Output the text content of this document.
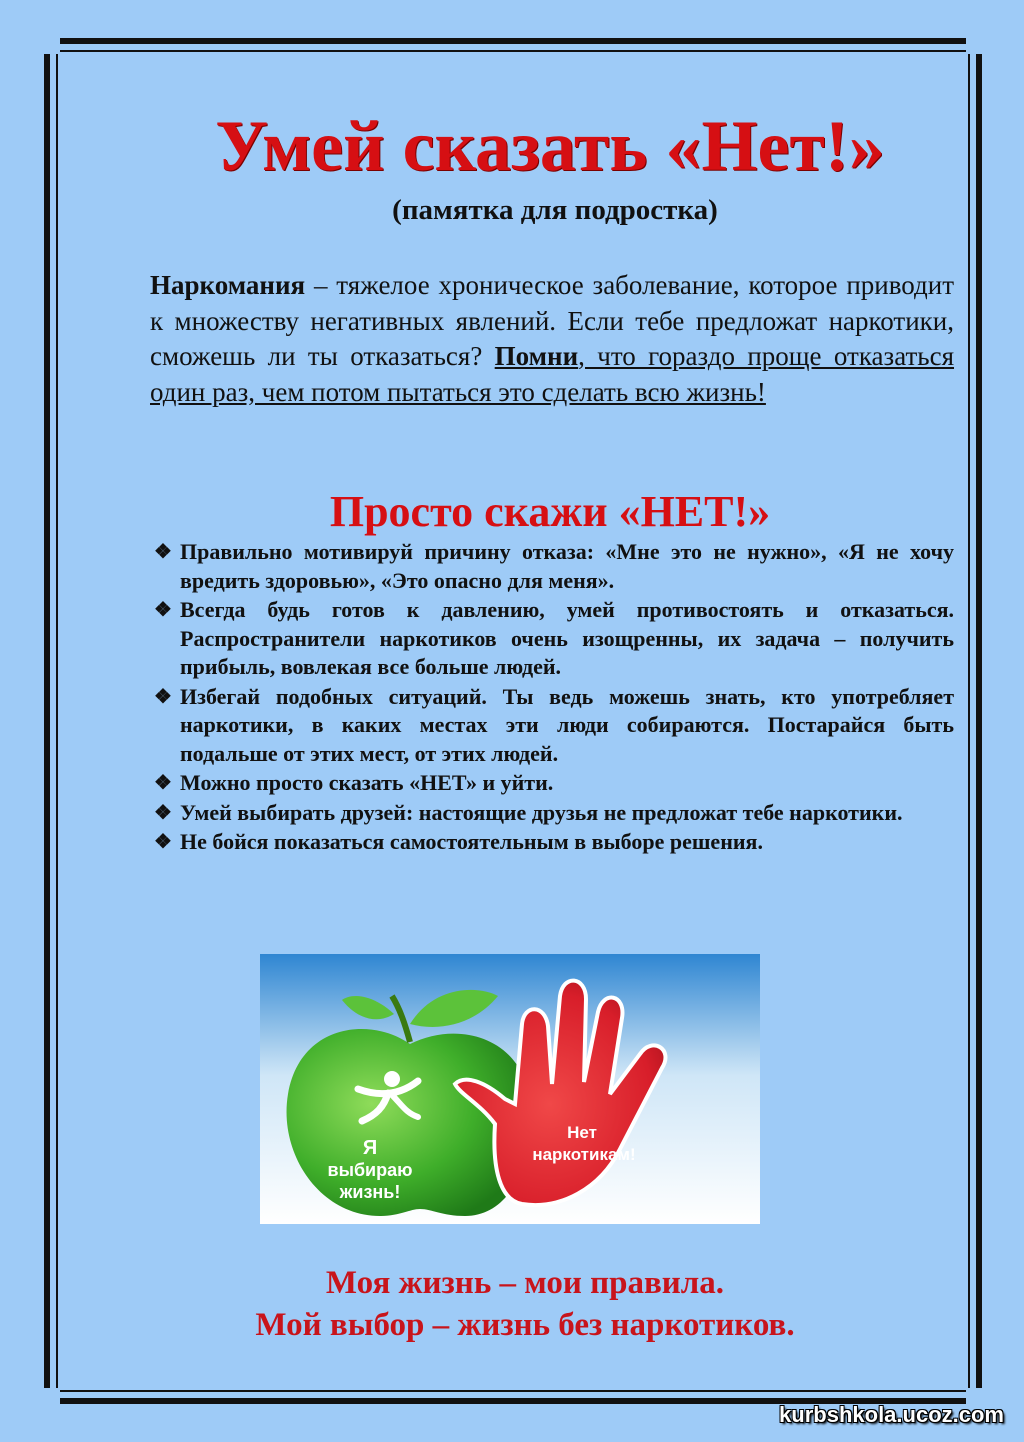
Умей сказать «Нет!»
(памятка для подростка)
Наркомания – тяжелое хроническое заболевание, которое приводит к множеству негативных явлений. Если тебе предложат наркотики, сможешь ли ты отказаться? Помни, что гораздо проще отказаться один раз, чем потом пытаться это сделать всю жизнь!
Просто скажи «НЕТ!»
❖ Правильно мотивируй причину отказа: «Мне это не нужно», «Я не хочу вредить здоровью», «Это опасно для меня».
❖ Всегда будь готов к давлению, умей противостоять и отказаться. Распространители наркотиков очень изощренны, их задача – получить прибыль, вовлекая все больше людей.
❖ Избегай подобных ситуаций. Ты ведь можешь знать, кто употребляет наркотики, в каких местах эти люди собираются. Постарайся быть подальше от этих мест, от этих людей.
❖ Можно просто сказать «НЕТ» и уйти.
❖ Умей выбирать друзей: настоящие друзья не предложат тебе наркотики.
❖ Не бойся показаться самостоятельным в выборе решения.
Я
выбираю
жизнь!
Нет
наркотикам!
Моя жизнь – мои правила.
Мой выбор – жизнь без наркотиков.
kurbshkola.ucoz.com
